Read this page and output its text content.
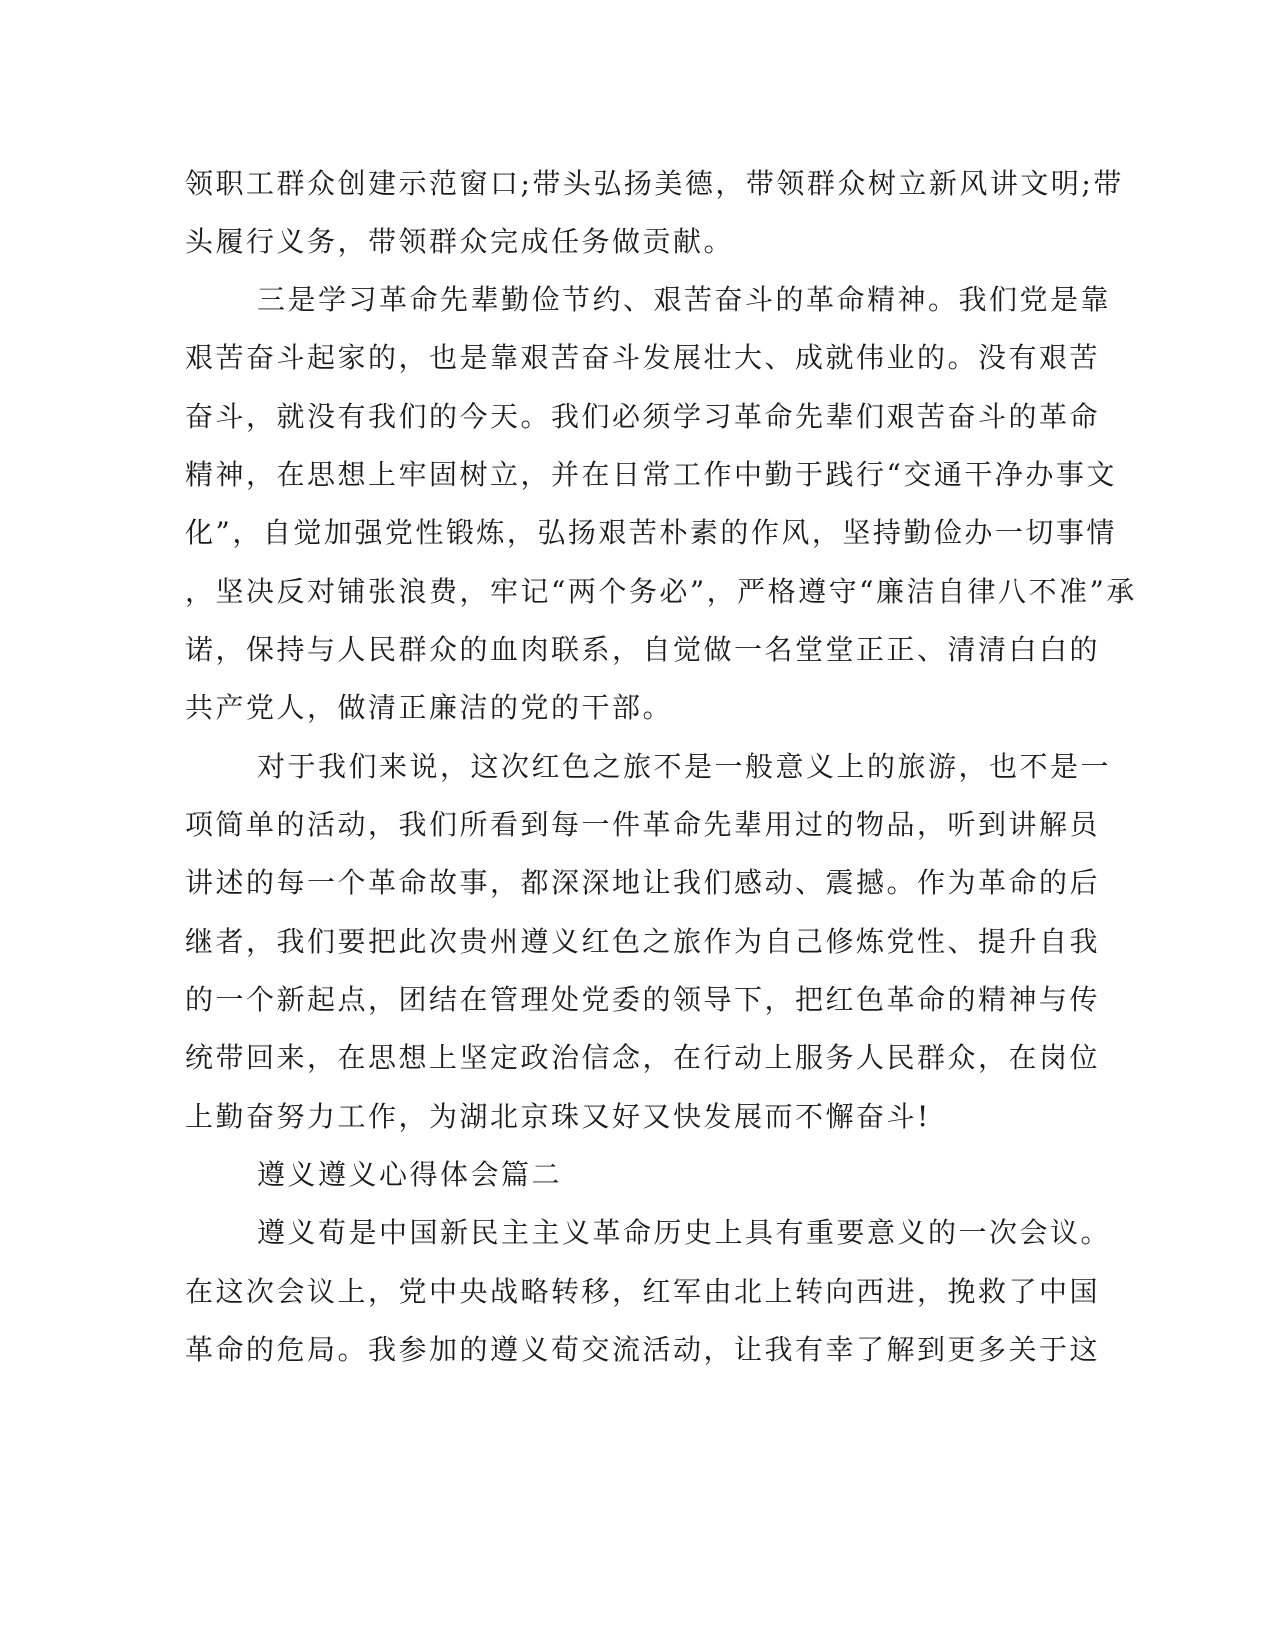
领职工群众创建示范窗口;带头弘扬美德，带领群众树立新风讲文明;带
头履行义务，带领群众完成任务做贡献。
三是学习革命先辈勤俭节约、艰苦奋斗的革命精神。我们党是靠
艰苦奋斗起家的，也是靠艰苦奋斗发展壮大、成就伟业的。没有艰苦
奋斗，就没有我们的今天。我们必须学习革命先辈们艰苦奋斗的革命
精神，在思想上牢固树立，并在日常工作中勤于践行“交通干净办事文
化”，自觉加强党性锻炼，弘扬艰苦朴素的作风，坚持勤俭办一切事情
，坚决反对铺张浪费，牢记“两个务必”，严格遵守“廉洁自律八不准”承
诺，保持与人民群众的血肉联系，自觉做一名堂堂正正、清清白白的
共产党人，做清正廉洁的党的干部。
对于我们来说，这次红色之旅不是一般意义上的旅游，也不是一
项简单的活动，我们所看到每一件革命先辈用过的物品，听到讲解员
讲述的每一个革命故事，都深深地让我们感动、震撼。作为革命的后
继者，我们要把此次贵州遵义红色之旅作为自己修炼党性、提升自我
的一个新起点，团结在管理处党委的领导下，把红色革命的精神与传
统带回来，在思想上坚定政治信念，在行动上服务人民群众，在岗位
上勤奋努力工作，为湖北京珠又好又快发展而不懈奋斗!
遵义遵义心得体会篇二
遵义荀是中国新民主主义革命历史上具有重要意义的一次会议。
在这次会议上，党中央战略转移，红军由北上转向西进，挽救了中国
革命的危局。我参加的遵义荀交流活动，让我有幸了解到更多关于这
